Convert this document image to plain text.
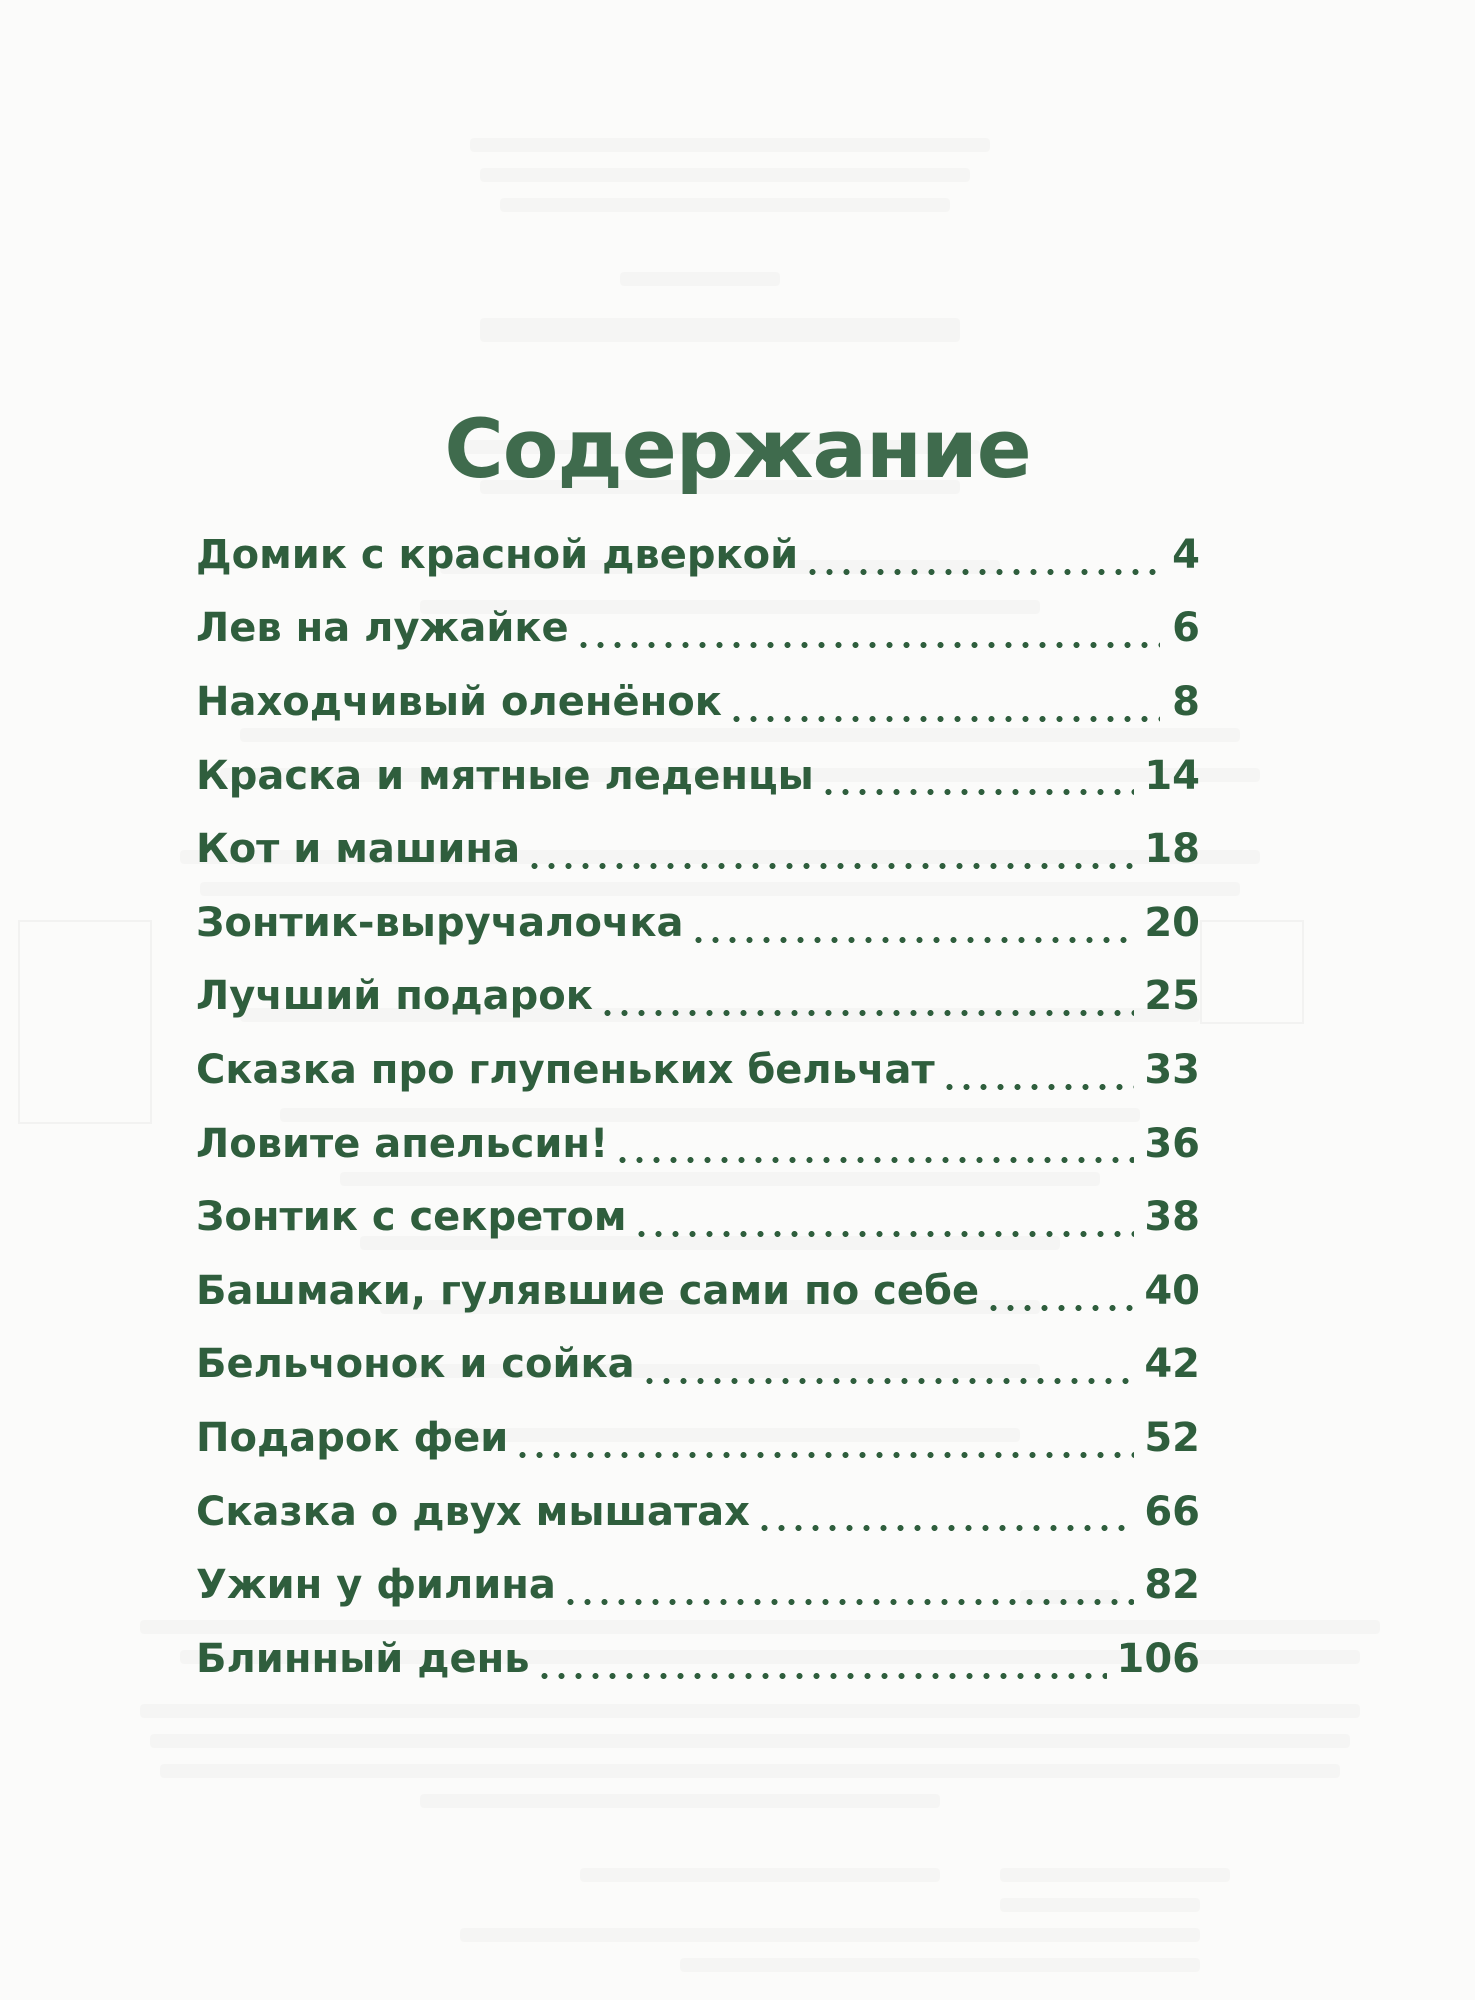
Содержание
Домик с красной дверкой	4
Лев на лужайке	6
Находчивый оленёнок	8
Краска и мятные леденцы	14
Кот и машина	18
Зонтик-выручалочка	20
Лучший подарок	25
Сказка про глупеньких бельчат	33
Ловите апельсин!	36
Зонтик с секретом	38
Башмаки, гулявшие сами по себе	40
Бельчонок и сойка	42
Подарок феи	52
Сказка о двух мышатах	66
Ужин у филина	82
Блинный день	106
